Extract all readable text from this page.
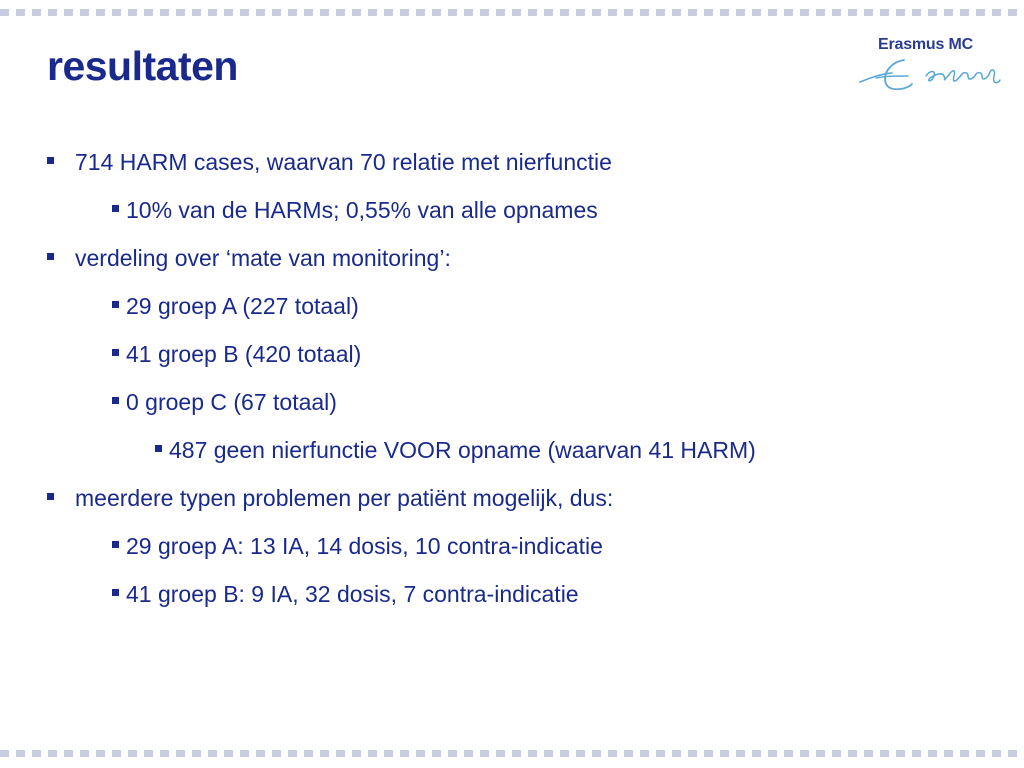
resultaten	Erasmus MC
714 HARM cases, waarvan 70 relatie met nierfunctie
10% van de HARMs; 0,55% van alle opnames
verdeling over ‘mate van monitoring’:
29 groep A (227 totaal)
41 groep B (420 totaal)
0 groep C (67 totaal)
487 geen nierfunctie VOOR opname (waarvan 41 HARM)
meerdere typen problemen per patiënt mogelijk, dus:
29 groep A: 13 IA, 14 dosis, 10 contra-indicatie
41 groep B: 9 IA, 32 dosis, 7 contra-indicatie
